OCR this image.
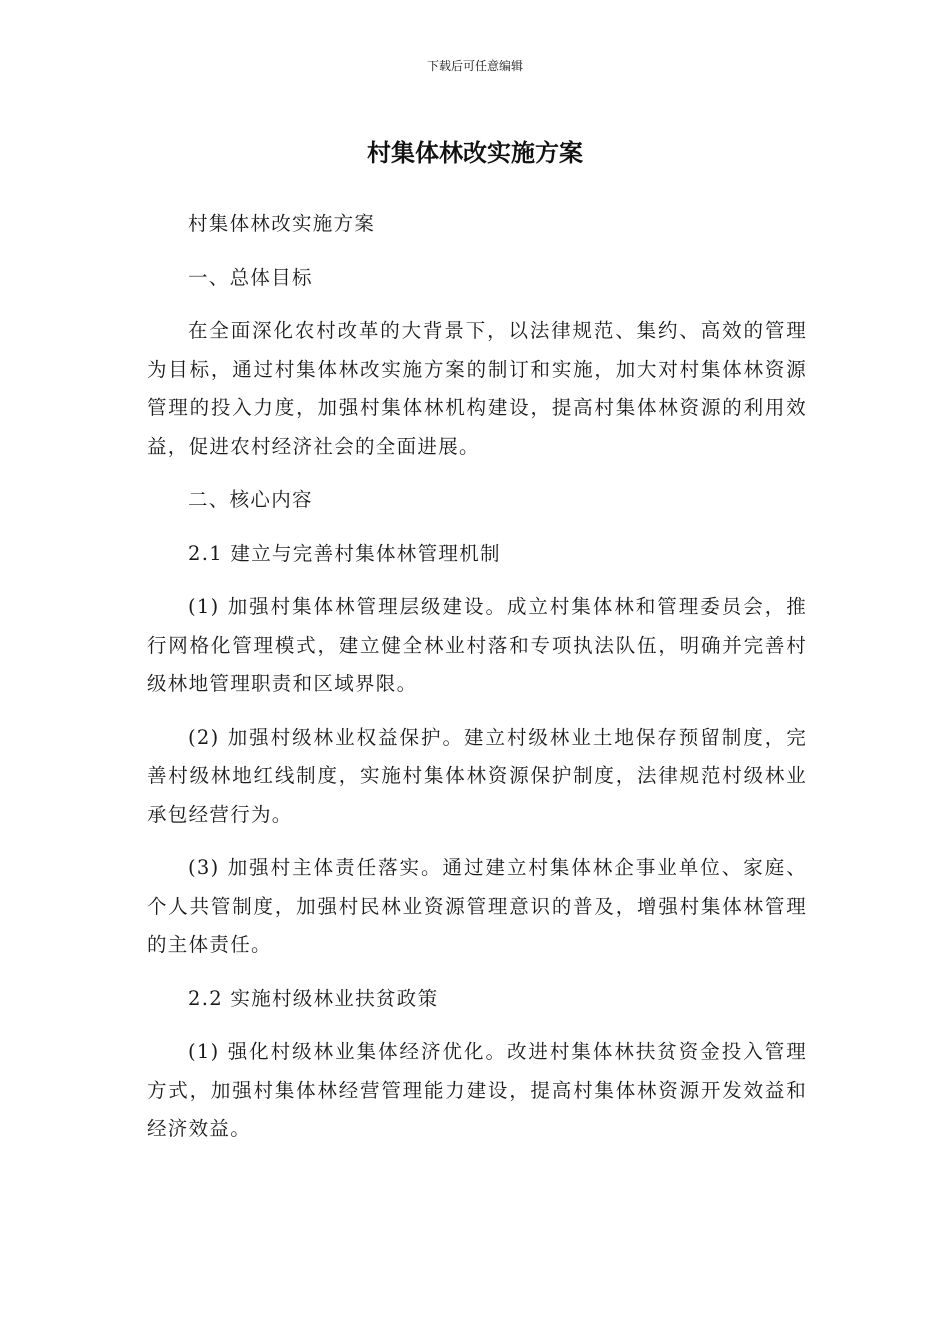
下载后可任意编辑
村集体林改实施方案

村集体林改实施方案

一、总体目标

在全面深化农村改革的大背景下，以法律规范、集约、高效的管理为目标，通过村集体林改实施方案的制订和实施，加大对村集体林资源管理的投入力度，加强村集体林机构建设，提高村集体林资源的利用效益，促进农村经济社会的全面进展。

二、核心内容

2.1 建立与完善村集体林管理机制

(1) 加强村集体林管理层级建设。成立村集体林和管理委员会，推行网格化管理模式，建立健全林业村落和专项执法队伍，明确并完善村级林地管理职责和区域界限。

(2) 加强村级林业权益保护。建立村级林业土地保存预留制度，完善村级林地红线制度，实施村集体林资源保护制度，法律规范村级林业承包经营行为。

(3) 加强村主体责任落实。通过建立村集体林企事业单位、家庭、个人共管制度，加强村民林业资源管理意识的普及，增强村集体林管理的主体责任。

2.2 实施村级林业扶贫政策

(1) 强化村级林业集体经济优化。改进村集体林扶贫资金投入管理方式，加强村集体林经营管理能力建设，提高村集体林资源开发效益和经济效益。
